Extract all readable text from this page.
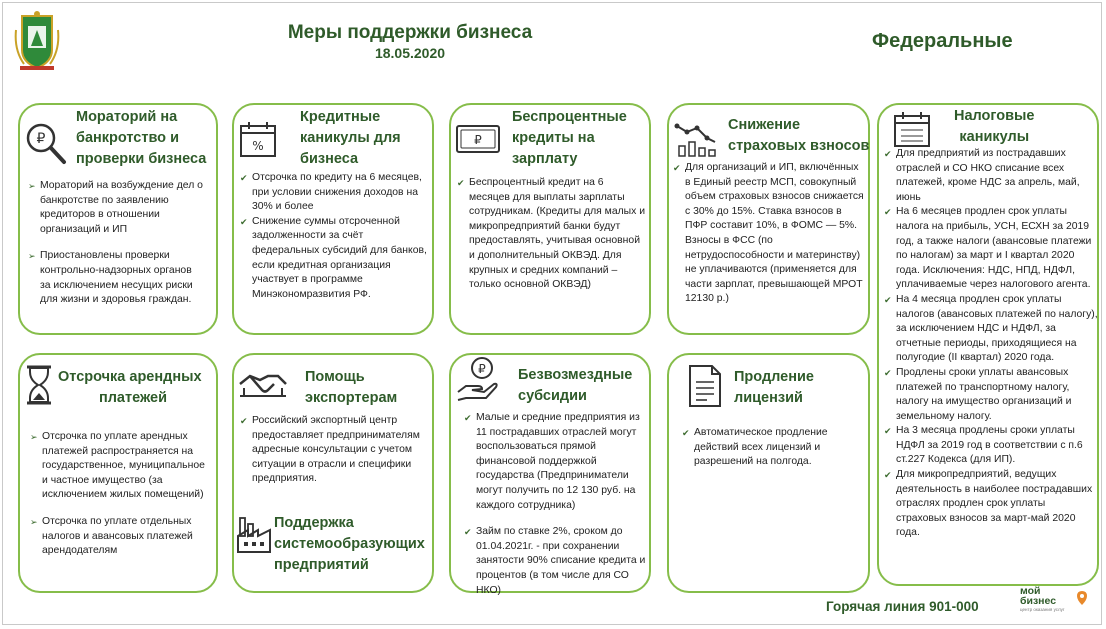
Меры поддержки бизнеса
18.05.2020
Федеральные
₽
Мораторий на
банкротство и
проверки бизнеса
➢ Мораторий на возбуждение дел о банкротстве по заявлению кредиторов в отношении организаций и ИП
➢ Приостановлены проверки контрольно-надзорных органов за исключением несущих риски для жизни и здоровья граждан.
%
Кредитные
каникулы для
бизнеса
✔ Отсрочка по кредиту на 6 месяцев, при условии снижения доходов на 30% и более
✔ Снижение суммы отсроченной задолженности за счёт федеральных субсидий для банков, если кредитная организация участвует в программе Минэкономразвития РФ.
₽
Беспроцентные
кредиты на
зарплату
✔ Беспроцентный кредит на 6 месяцев для выплаты зарплаты сотрудникам. (Кредиты для малых и микропредприятий банки будут предоставлять, учитывая основной и дополнительный ОКВЭД. Для крупных и средних компаний – только основной ОКВЭД)
Снижение
страховых взносов
✔ Для организаций и ИП, включённых в Единый реестр МСП, совокупный объем страховых взносов снижается с 30% до 15%. Ставка взносов в ПФР составит 10%, в ФОМС — 5%. Взносы в ФСС (по нетрудоспособности и материнству) не уплачиваются (применяется для части зарплат, превышающей МРОТ 12130 р.)
Налоговые
каникулы
✔ Для предприятий из пострадавших отраслей и СО НКО списание всех платежей, кроме НДС за апрель, май, июнь
✔ На 6 месяцев продлен срок уплаты налога на прибыль, УСН, ЕСХН за 2019 год, а также налоги (авансовые платежи по налогам) за март и I квартал 2020 года. Исключения: НДС, НПД, НДФЛ, уплачиваемые через налогового агента.
✔ На 4 месяца продлен срок уплаты налогов (авансовых платежей по налогу), за исключением НДС и НДФЛ, за отчетные периоды, приходящиеся на полугодие (II квартал) 2020 года.
✔ Продлены сроки уплаты авансовых платежей по транспортному налогу, налогу на имущество организаций и земельному налогу.
✔ На 3 месяца продлены сроки уплаты НДФЛ за 2019 год в соответствии с п.6 ст.227 Кодекса (для ИП).
✔ Для микропредприятий, ведущих деятельность в наиболее пострадавших отраслях продлен срок уплаты страховых взносов за март-май 2020 года.
Отсрочка арендных
платежей
➢ Отсрочка по уплате арендных платежей распространяется на государственное, муниципальное и частное имущество (за исключением жилых помещений)
➢ Отсрочка по уплате отдельных налогов и авансовых платежей арендодателям
Помощь
экспортерам
✔ Российский экспортный центр предоставляет предпринимателям адресные консультации с учетом ситуации в отрасли и специфики предприятия.
Поддержка
системообразующих
предприятий
₽ Безвозмездные
субсидии
✔ Малые и средние предприятия из 11 пострадавших отраслей могут воспользоваться прямой финансовой поддержкой государства (Предприниматели могут получить по 12 130 руб. на каждого сотрудника)
✔ Займ по ставке 2%, сроком до 01.04.2021г. - при сохранении занятости 90% списание кредита и процентов (в том числе для СО НКО)
Продление
лицензий
✔ Автоматическое продление действий всех лицензий и разрешений на полгода.
Горячая линия 901-000
мой
бизнес
центр оказания услуг
